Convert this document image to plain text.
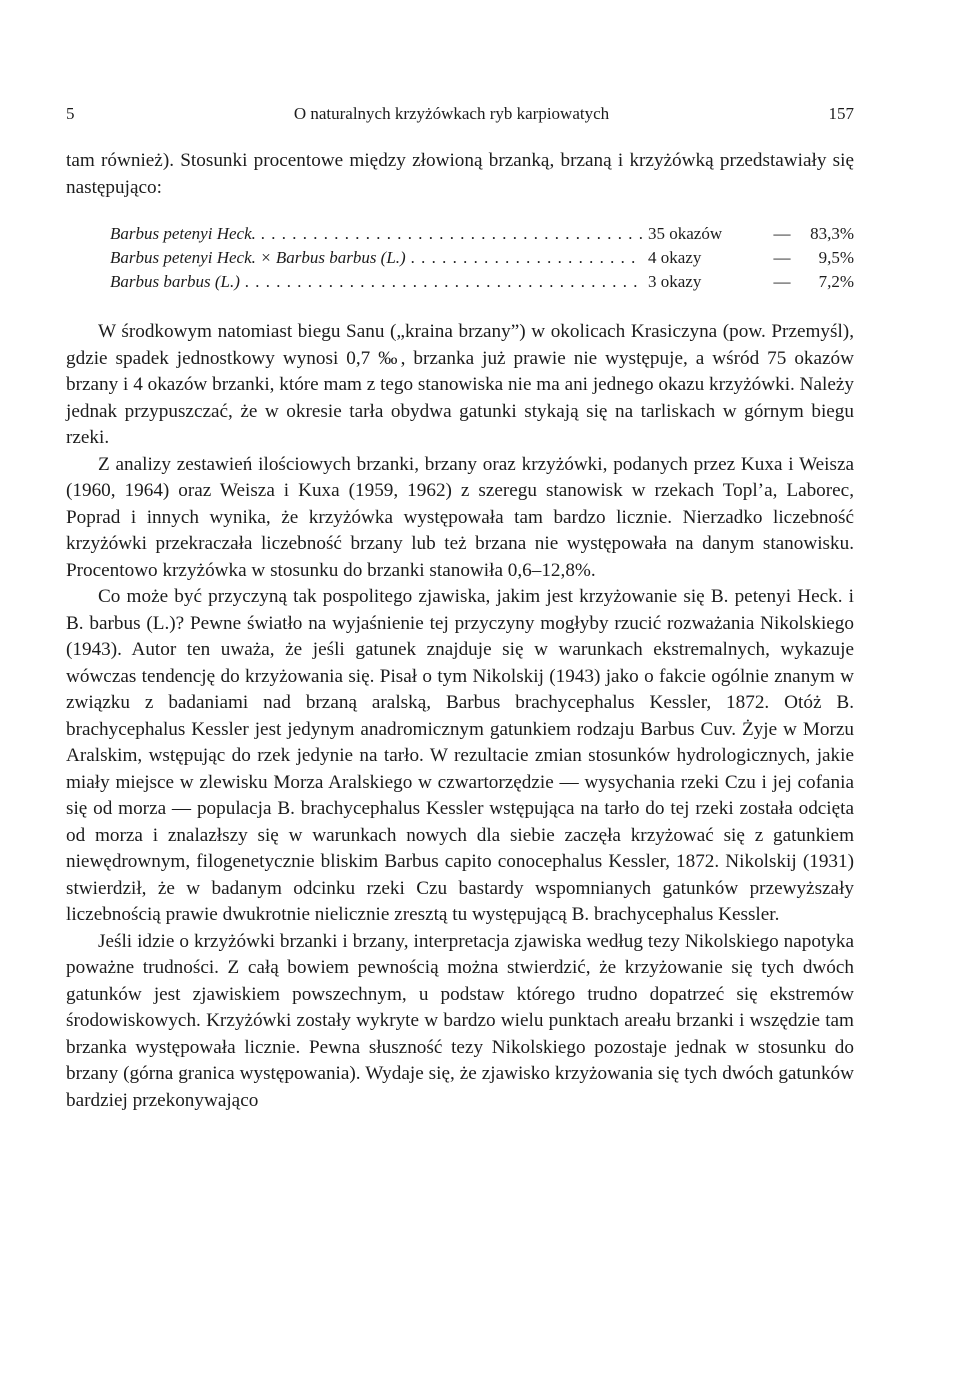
5	O naturalnych krzyżówkach ryb karpiowatych	157

tam również). Stosunki procentowe między złowioną brzanką, brzaną i krzyżówką przedstawiały się następująco:

Barbus petenyi Heck. . . .	35 okazów	—	83,3%
Barbus petenyi Heck. × Barbus barbus (L.) . . .	4 okazy	—	9,5%
Barbus barbus (L.) . . .	3 okazy	—	7,2%

W środkowym natomiast biegu Sanu („kraina brzany”) w okolicach Krasiczyna (pow. Przemyśl), gdzie spadek jednostkowy wynosi 0,7 ‰, brzanka już prawie nie występuje, a wśród 75 okazów brzany i 4 okazów brzanki, które mam z tego stanowiska nie ma ani jednego okazu krzyżówki. Należy jednak przypuszczać, że w okresie tarła obydwa gatunki stykają się na tarliskach w górnym biegu rzeki.

Z analizy zestawień ilościowych brzanki, brzany oraz krzyżówki, podanych przez Kuxa i Weisza (1960, 1964) oraz Weisza i Kuxa (1959, 1962) z szeregu stanowisk w rzekach Topl’a, Laborec, Poprad i innych wynika, że krzyżówka występowała tam bardzo licznie. Nierzadko liczebność krzyżówki przekraczała liczebność brzany lub też brzana nie występowała na danym stanowisku. Procentowo krzyżówka w stosunku do brzanki stanowiła 0,6–12,8%.

Co może być przyczyną tak pospolitego zjawiska, jakim jest krzyżowanie się B. petenyi Heck. i B. barbus (L.)? Pewne światło na wyjaśnienie tej przyczyny mogłyby rzucić rozważania Nikolskiego (1943). Autor ten uważa, że jeśli gatunek znajduje się w warunkach ekstremalnych, wykazuje wówczas tendencję do krzyżowania się. Pisał o tym Nikolskij (1943) jako o fakcie ogólnie znanym w związku z badaniami nad brzaną aralską, Barbus brachycephalus Kessler, 1872. Otóż B. brachycephalus Kessler jest jedynym anadromicznym gatunkiem rodzaju Barbus Cuv. Żyje w Morzu Aralskim, wstępując do rzek jedynie na tarło. W rezultacie zmian stosunków hydrologicznych, jakie miały miejsce w zlewisku Morza Aralskiego w czwartorzędzie — wysychania rzeki Czu i jej cofania się od morza — populacja B. brachycephalus Kessler wstępująca na tarło do tej rzeki została odcięta od morza i znalazłszy się w warunkach nowych dla siebie zaczęła krzyżować się z gatunkiem niewędrownym, filogenetycznie bliskim Barbus capito conocephalus Kessler, 1872. Nikolskij (1931) stwierdził, że w badanym odcinku rzeki Czu bastardy wspomnianych gatunków przewyższały liczebnością prawie dwukrotnie nielicznie zresztą tu występującą B. brachycephalus Kessler.

Jeśli idzie o krzyżówki brzanki i brzany, interpretacja zjawiska według tezy Nikolskiego napotyka poważne trudności. Z całą bowiem pewnością można stwierdzić, że krzyżowanie się tych dwóch gatunków jest zjawiskiem powszechnym, u podstaw którego trudno dopatrzeć się ekstremów środowiskowych. Krzyżówki zostały wykryte w bardzo wielu punktach areału brzanki i wszędzie tam brzanka występowała licznie. Pewna słuszność tezy Nikolskiego pozostaje jednak w stosunku do brzany (górna granica występowania). Wydaje się, że zjawisko krzyżowania się tych dwóch gatunków bardziej przekonywająco
